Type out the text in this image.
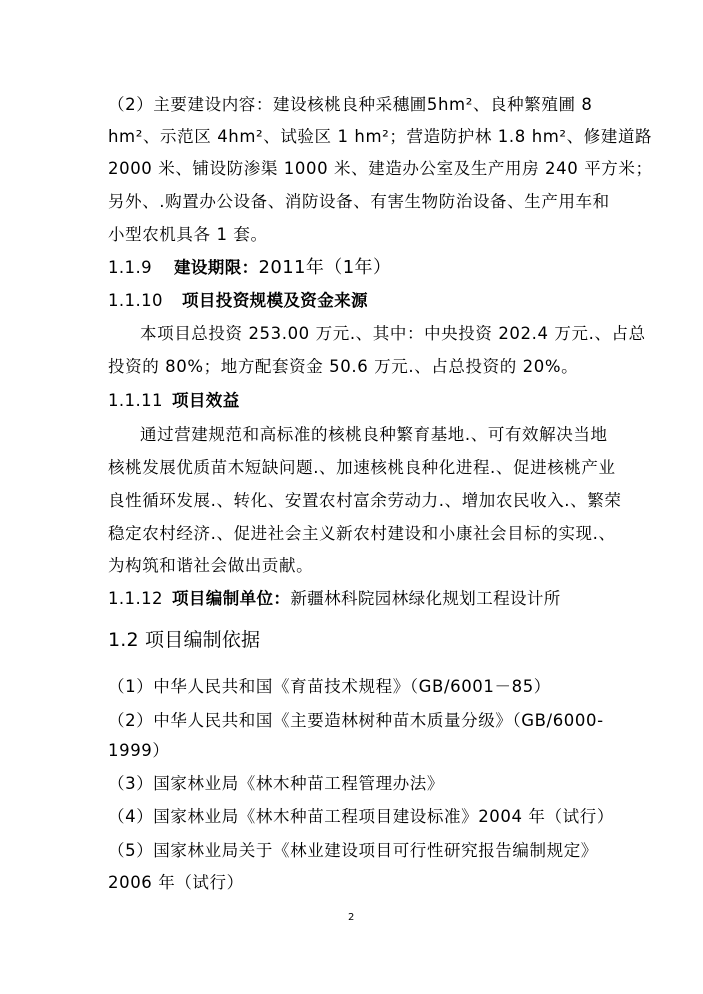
（2）主要建设内容：建设核桃良种采穗圃5hm²、良种繁殖圃 8
hm²、示范区 4hm²、试验区 1 hm²；营造防护林 1.8 hm²、修建道路
2000 米、铺设防渗渠 1000 米、建造办公室及生产用房 240 平方米；
另外、.购置办公设备、消防设备、有害生物防治设备、生产用车和
小型农机具各 1 套。
1.1.9 建设期限：2011年（1年）
1.1.10 项目投资规模及资金来源
本项目总投资 253.00 万元.、其中：中央投资 202.4 万元.、占总
投资的 80%；地方配套资金 50.6 万元.、占总投资的 20%。
1.1.11 项目效益
通过营建规范和高标准的核桃良种繁育基地.、可有效解决当地
核桃发展优质苗木短缺问题.、加速核桃良种化进程.、促进核桃产业
良性循环发展.、转化、安置农村富余劳动力.、增加农民收入.、繁荣
稳定农村经济.、促进社会主义新农村建设和小康社会目标的实现.、
为构筑和谐社会做出贡献。
1.1.12 项目编制单位：新疆林科院园林绿化规划工程设计所
1.2 项目编制依据
（1）中华人民共和国《育苗技术规程》（GB/6001－85）
（2）中华人民共和国《主要造林树种苗木质量分级》（GB/6000-
1999）
（3）国家林业局《林木种苗工程管理办法》
（4）国家林业局《林木种苗工程项目建设标准》2004 年（试行）
（5）国家林业局关于《林业建设项目可行性研究报告编制规定》
2006 年（试行）
2
